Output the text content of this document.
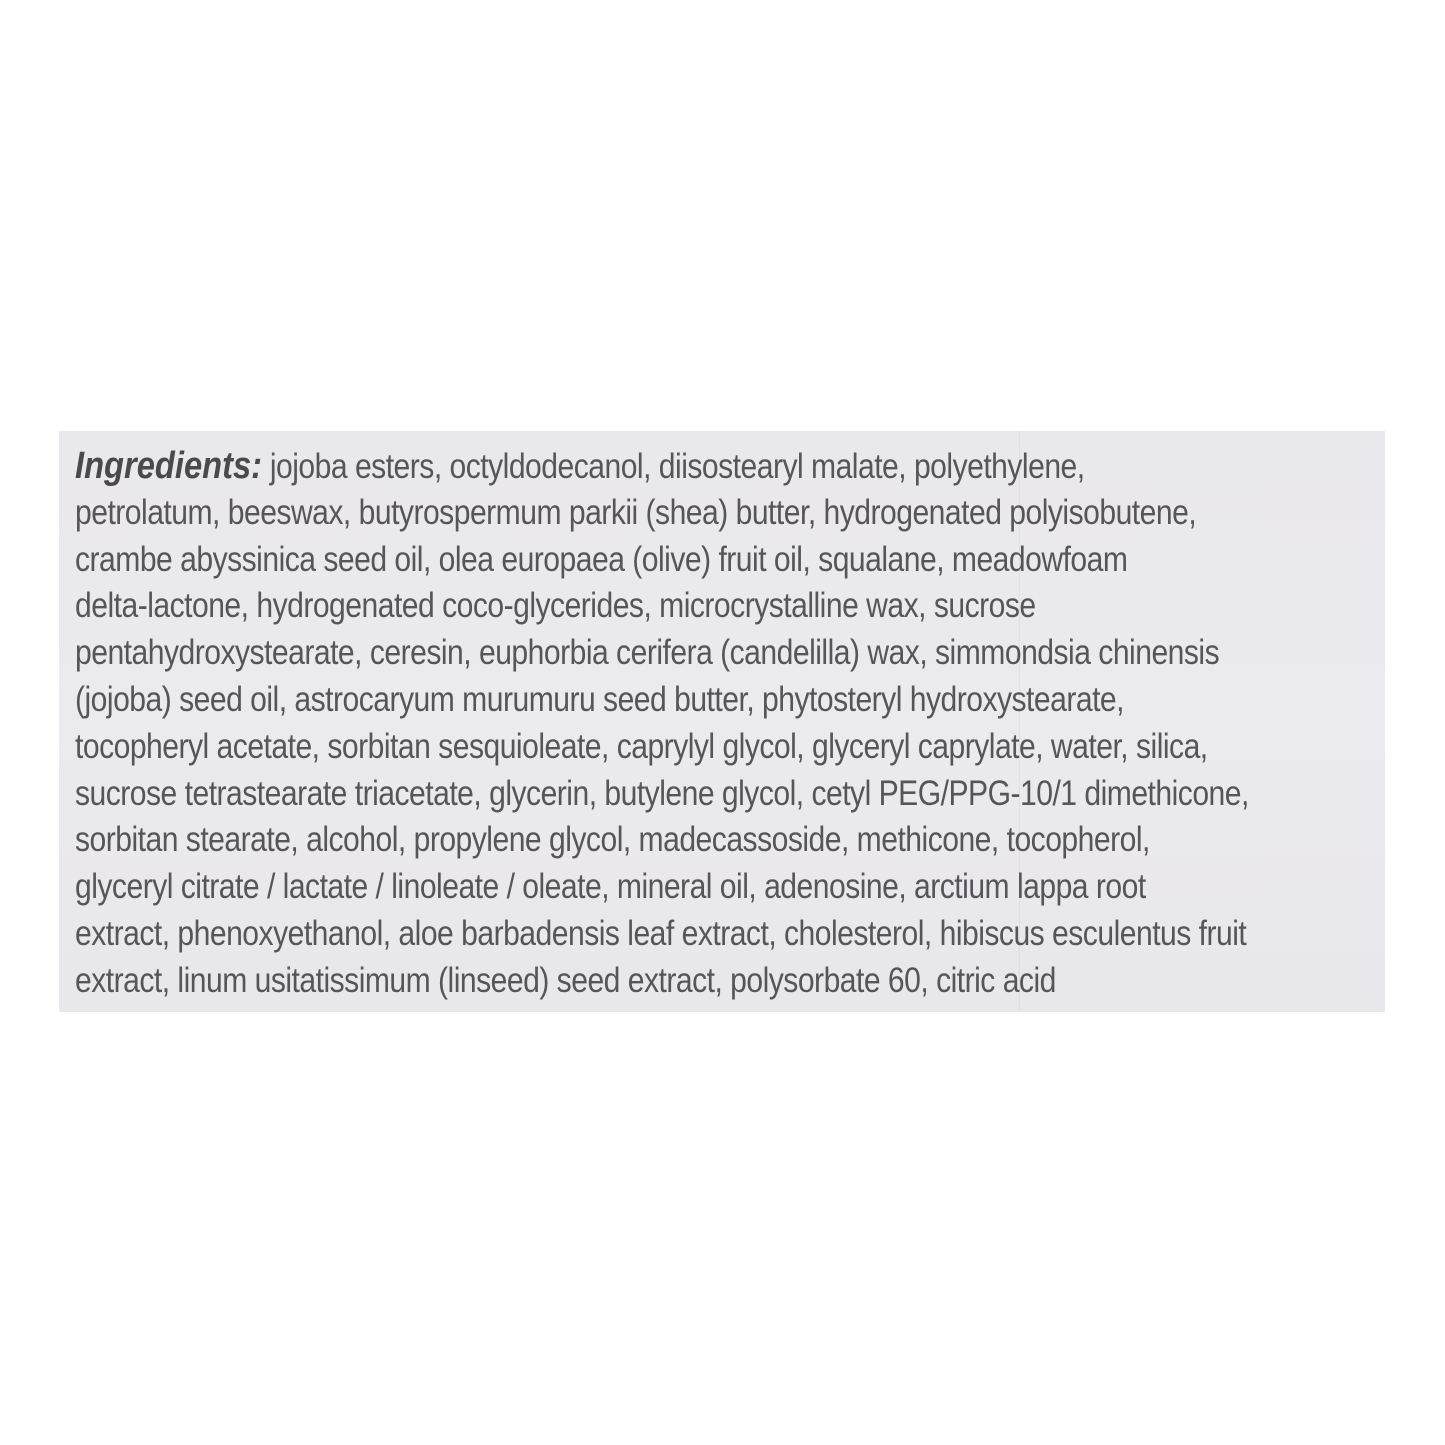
Ingredients: jojoba esters, octyldodecanol, diisostearyl malate, polyethylene,
petrolatum, beeswax, butyrospermum parkii (shea) butter, hydrogenated polyisobutene,
crambe abyssinica seed oil, olea europaea (olive) fruit oil, squalane, meadowfoam
delta-lactone, hydrogenated coco-glycerides, microcrystalline wax, sucrose
pentahydroxystearate, ceresin, euphorbia cerifera (candelilla) wax, simmondsia chinensis
(jojoba) seed oil, astrocaryum murumuru seed butter, phytosteryl hydroxystearate,
tocopheryl acetate, sorbitan sesquioleate, caprylyl glycol, glyceryl caprylate, water, silica,
sucrose tetrastearate triacetate, glycerin, butylene glycol, cetyl PEG/PPG-10/1 dimethicone,
sorbitan stearate, alcohol, propylene glycol, madecassoside, methicone, tocopherol,
glyceryl citrate / lactate / linoleate / oleate, mineral oil, adenosine, arctium lappa root
extract, phenoxyethanol, aloe barbadensis leaf extract, cholesterol, hibiscus esculentus fruit
extract, linum usitatissimum (linseed) seed extract, polysorbate 60, citric acid
